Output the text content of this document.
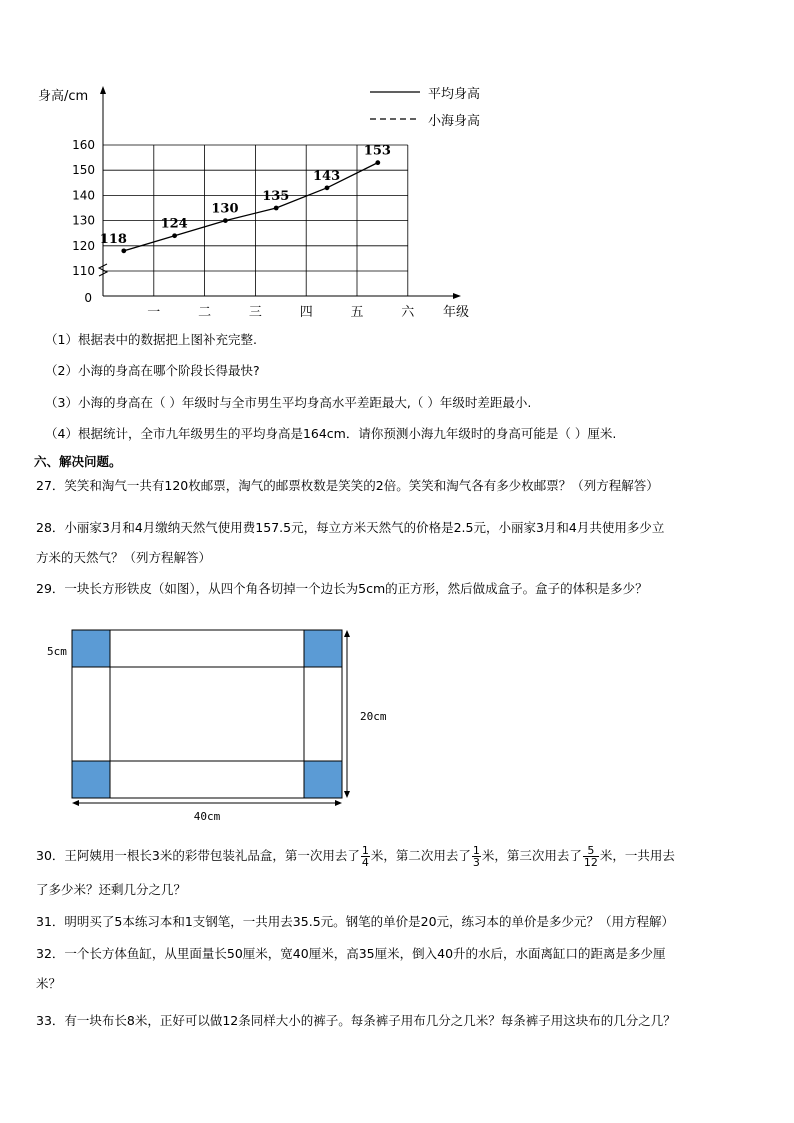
身高/cm
年级
0
110
120
130
140
150
160
一	二	三	四	五	六
118
124
130
135
143
153
平均身高
小海身高
（1）根据表中的数据把上图补充完整.
（2）小海的身高在哪个阶段长得最快?
（3）小海的身高在（ ）年级时与全市男生平均身高水平差距最大,（ ）年级时差距最小.
（4）根据统计，全市九年级男生的平均身高是164cm．请你预测小海九年级时的身高可能是（ ）厘米.
六、解决问题。
27．笑笑和淘气一共有120枚邮票，淘气的邮票枚数是笑笑的2倍。笑笑和淘气各有多少枚邮票？（列方程解答）
28．小丽家3月和4月缴纳天然气使用费157.5元，每立方米天然气的价格是2.5元，小丽家3月和4月共使用多少立
方米的天然气？（列方程解答）
29．一块长方形铁皮（如图），从四个角各切掉一个边长为5cm的正方形，然后做成盒子。盒子的体积是多少？
5cm
20cm
40cm
30．王阿姨用一根长3米的彩带包装礼品盒，第一次用去了 $\frac{1}{4}$ 米，第二次用去了 $\frac{1}{3}$ 米，第三次用去了 $\frac{5}{12}$ 米，一共用去
了多少米？还剩几分之几？
31．明明买了5本练习本和1支钢笔，一共用去35.5元。钢笔的单价是20元，练习本的单价是多少元？（用方程解）
32．一个长方体鱼缸，从里面量长50厘米，宽40厘米，高35厘米，倒入40升的水后，水面离缸口的距离是多少厘
米？
33．有一块布长8米，正好可以做12条同样大小的裤子。每条裤子用布几分之几米？每条裤子用这块布的几分之几？
